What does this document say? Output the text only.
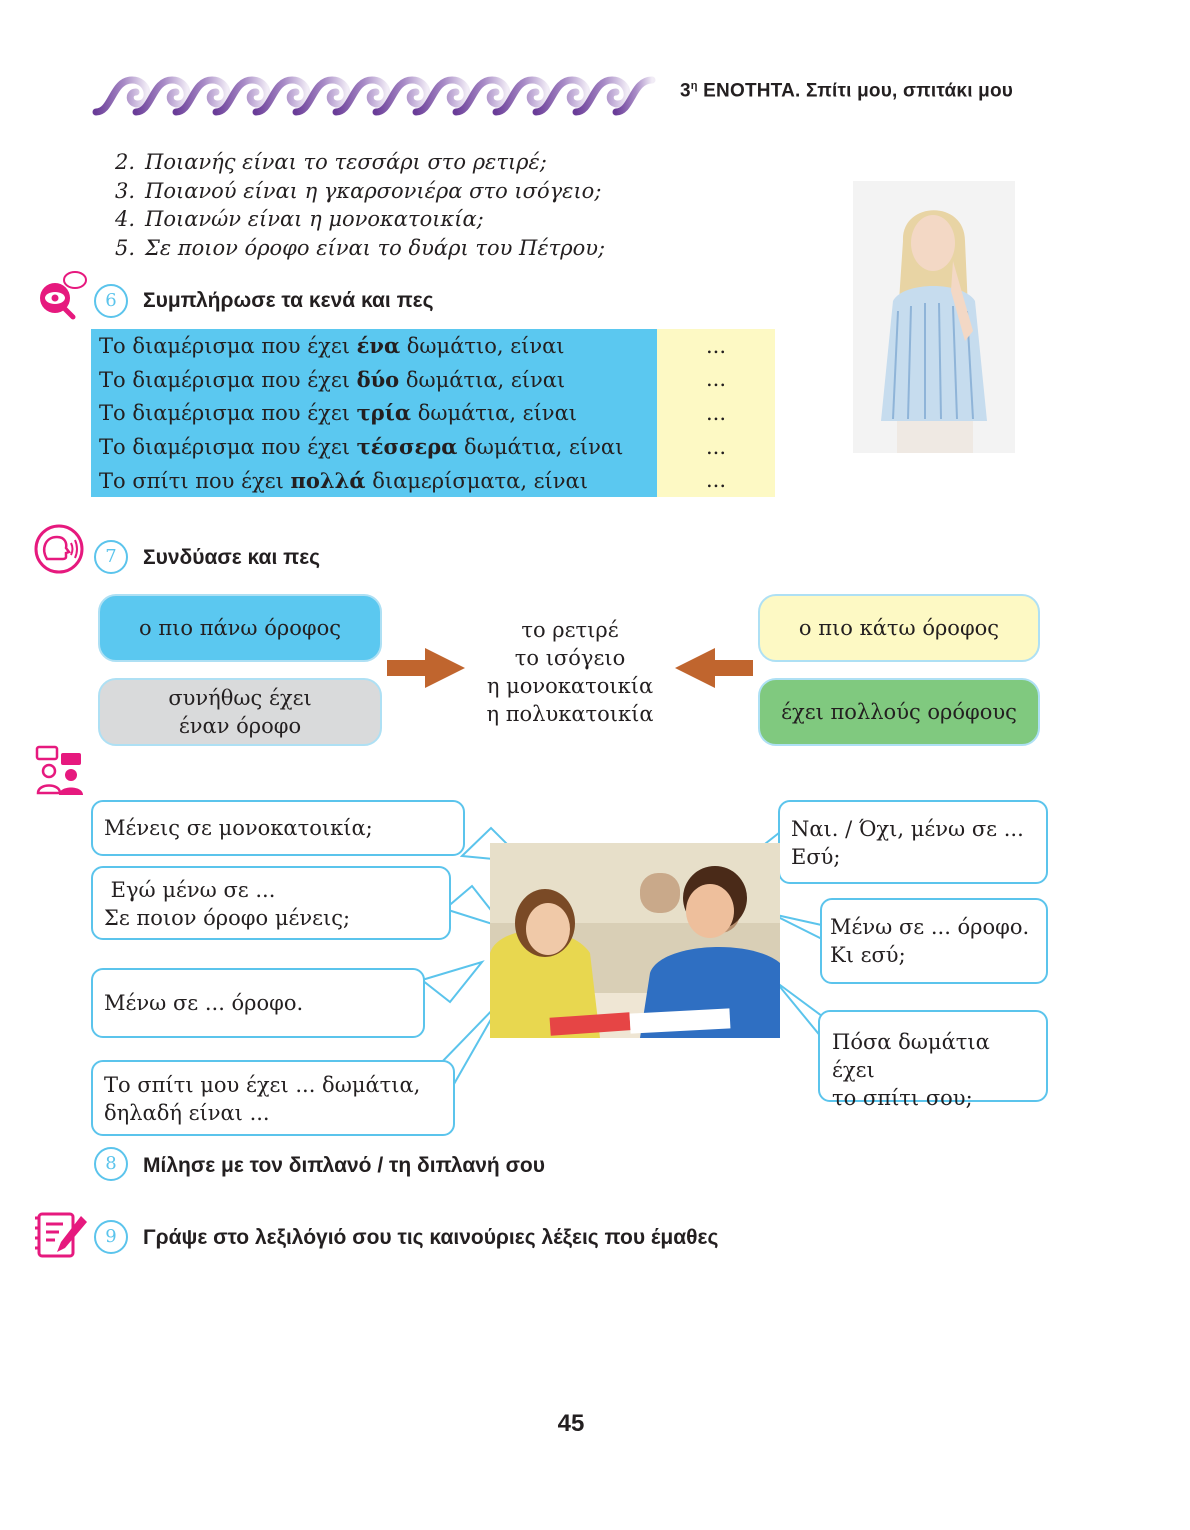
$3^\eta$ ΕΝΟΤΗΤΑ. Σπίτι μου, σπιτάκι μου
2. Ποιανής είναι το τεσσάρι στο ρετιρέ;
3. Ποιανού είναι η γκαρσονιέρα στο ισόγειο;
4. Ποιανών είναι η μονοκατοικία;
5. Σε ποιον όροφο είναι το δυάρι του Πέτρου;
6	Συμπλήρωσε τα κενά και πες
Το διαμέρισμα που έχει ένα δωμάτιο, είναι	...
Το διαμέρισμα που έχει δύο δωμάτια, είναι	...
Το διαμέρισμα που έχει τρία δωμάτια, είναι	...
Το διαμέρισμα που έχει τέσσερα δωμάτια, είναι	...
Το σπίτι που έχει πολλά διαμερίσματα, είναι	...
7	Συνδύασε και πες
ο πιο πάνω όροφος
συνήθως έχει
έναν όροφο
το ρετιρέ
το ισόγειο
η μονοκατοικία
η πολυκατοικία
ο πιο κάτω όροφος
έχει πολλούς ορόφους
Μένεις σε μονοκατοικία;
Εγώ μένω σε ...
Σε ποιον όροφο μένεις;
Μένω σε ... όροφο.
Το σπίτι μου έχει ... δωμάτια,
δηλαδή είναι ...
Ναι. / Όχι, μένω σε ...
Εσύ;
Μένω σε ... όροφο.
Κι εσύ;
Πόσα δωμάτια έχει
το σπίτι σου;
8	Μίλησε με τον διπλανό / τη διπλανή σου
9	Γράψε στο λεξιλόγιό σου τις καινούριες λέξεις που έμαθες
45
